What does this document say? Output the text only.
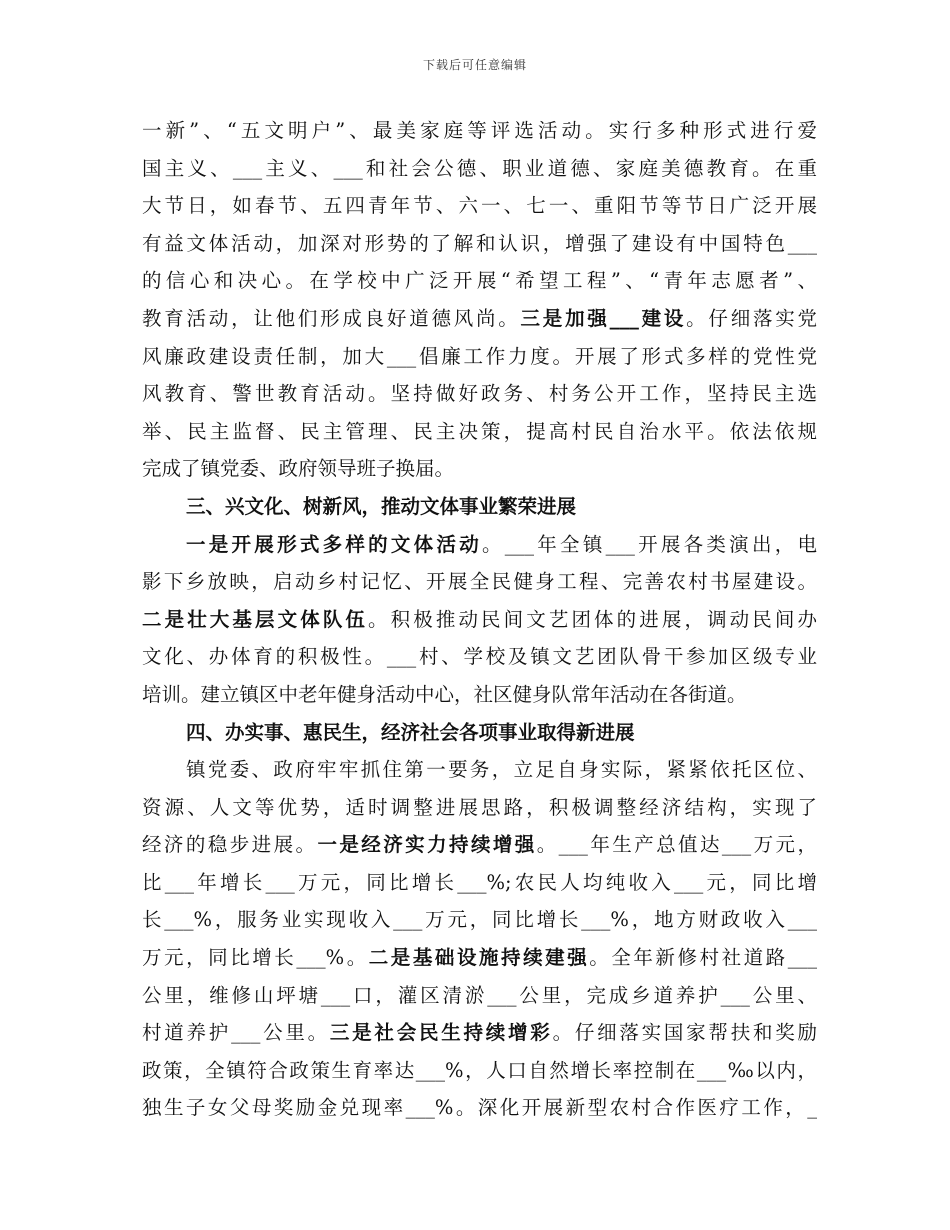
下载后可任意编辑
一新”、“五文明户”、最美家庭等评选活动。实行多种形式进行爱
国主义、___主义、___和社会公德、职业道德、家庭美德教育。在重
大节日，如春节、五四青年节、六一、七一、重阳节等节日广泛开展
有益文体活动，加深对形势的了解和认识，增强了建设有中国特色___
的信心和决心。在学校中广泛开展“希望工程”、“青年志愿者”、
教育活动，让他们形成良好道德风尚。三是加强___建设。仔细落实党
风廉政建设责任制，加大___倡廉工作力度。开展了形式多样的党性党
风教育、警世教育活动。坚持做好政务、村务公开工作，坚持民主选
举、民主监督、民主管理、民主决策，提高村民自治水平。依法依规
完成了镇党委、政府领导班子换届。
三、兴文化、树新风，推动文体事业繁荣进展
一是开展形式多样的文体活动。___年全镇___开展各类演出，电
影下乡放映，启动乡村记忆、开展全民健身工程、完善农村书屋建设。
二是壮大基层文体队伍。积极推动民间文艺团体的进展，调动民间办
文化、办体育的积极性。___村、学校及镇文艺团队骨干参加区级专业
培训。建立镇区中老年健身活动中心，社区健身队常年活动在各街道。
四、办实事、惠民生，经济社会各项事业取得新进展
镇党委、政府牢牢抓住第一要务，立足自身实际，紧紧依托区位、
资源、人文等优势，适时调整进展思路，积极调整经济结构，实现了
经济的稳步进展。一是经济实力持续增强。___年生产总值达___万元，
比___年增长___万元，同比增长___%;农民人均纯收入___元，同比增
长___%，服务业实现收入___万元，同比增长___%，地方财政收入___
万元，同比增长___%。二是基础设施持续建强。全年新修村社道路___
公里，维修山坪塘___口，灌区清淤___公里，完成乡道养护___公里、
村道养护___公里。三是社会民生持续增彩。仔细落实国家帮扶和奖励
政策，全镇符合政策生育率达___%，人口自然增长率控制在___‰以内，
独生子女父母奖励金兑现率___%。深化开展新型农村合作医疗工作，_
